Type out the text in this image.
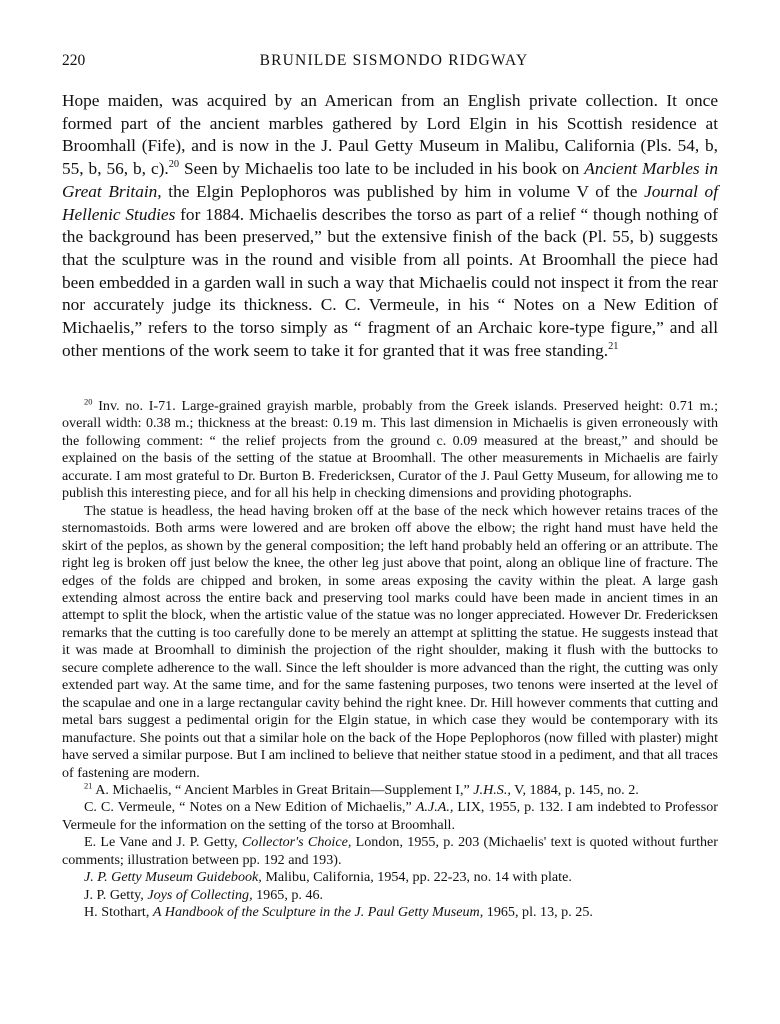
220	BRUNILDE SISMONDO RIDGWAY

Hope maiden, was acquired by an American from an English private collection. It once formed part of the ancient marbles gathered by Lord Elgin in his Scottish residence at Broomhall (Fife), and is now in the J. Paul Getty Museum in Malibu, California (Pls. 54, b, 55, b, 56, b, c).$^{20}$ Seen by Michaelis too late to be included in his book on Ancient Marbles in Great Britain, the Elgin Peplophoros was published by him in volume V of the Journal of Hellenic Studies for 1884. Michaelis describes the torso as part of a relief “ though nothing of the background has been preserved,” but the extensive finish of the back (Pl. 55, b) suggests that the sculpture was in the round and visible from all points. At Broomhall the piece had been embedded in a garden wall in such a way that Michaelis could not inspect it from the rear nor accurately judge its thickness. C. C. Vermeule, in his “ Notes on a New Edition of Michaelis,” refers to the torso simply as “ fragment of an Archaic kore-type figure,” and all other mentions of the work seem to take it for granted that it was free standing.$^{21}$

$^{20}$ Inv. no. I-71. Large-grained grayish marble, probably from the Greek islands. Preserved height: 0.71 m.; overall width: 0.38 m.; thickness at the breast: 0.19 m. This last dimension in Michaelis is given erroneously with the following comment: “ the relief projects from the ground c. 0.09 measured at the breast,” and should be explained on the basis of the setting of the statue at Broomhall. The other measurements in Michaelis are fairly accurate. I am most grateful to Dr. Burton B. Fredericksen, Curator of the J. Paul Getty Museum, for allowing me to publish this interesting piece, and for all his help in checking dimensions and providing photographs.

The statue is headless, the head having broken off at the base of the neck which however retains traces of the sternomastoids. Both arms were lowered and are broken off above the elbow; the right hand must have held the skirt of the peplos, as shown by the general composition; the left hand probably held an offering or an attribute. The right leg is broken off just below the knee, the other leg just above that point, along an oblique line of fracture. The edges of the folds are chipped and broken, in some areas exposing the cavity within the pleat. A large gash extending almost across the entire back and preserving tool marks could have been made in ancient times in an attempt to split the block, when the artistic value of the statue was no longer appreciated. However Dr. Fredericksen remarks that the cutting is too carefully done to be merely an attempt at splitting the statue. He suggests instead that it was made at Broomhall to diminish the projection of the right shoulder, making it flush with the buttocks to secure complete adherence to the wall. Since the left shoulder is more advanced than the right, the cutting was only extended part way. At the same time, and for the same fastening purposes, two tenons were inserted at the level of the scapulae and one in a large rectangular cavity behind the right knee. Dr. Hill however comments that cutting and metal bars suggest a pedimental origin for the Elgin statue, in which case they would be contemporary with its manufacture. She points out that a similar hole on the back of the Hope Peplophoros (now filled with plaster) might have served a similar purpose. But I am inclined to believe that neither statue stood in a pediment, and that all traces of fastening are modern.

$^{21}$ A. Michaelis, “ Ancient Marbles in Great Britain—Supplement I,” J.H.S., V, 1884, p. 145, no. 2.

C. C. Vermeule, “ Notes on a New Edition of Michaelis,” A.J.A., LIX, 1955, p. 132. I am indebted to Professor Vermeule for the information on the setting of the torso at Broomhall.

E. Le Vane and J. P. Getty, Collector's Choice, London, 1955, p. 203 (Michaelis' text is quoted without further comments; illustration between pp. 192 and 193).

J. P. Getty Museum Guidebook, Malibu, California, 1954, pp. 22-23, no. 14 with plate.

J. P. Getty, Joys of Collecting, 1965, p. 46.

H. Stothart, A Handbook of the Sculpture in the J. Paul Getty Museum, 1965, pl. 13, p. 25.
